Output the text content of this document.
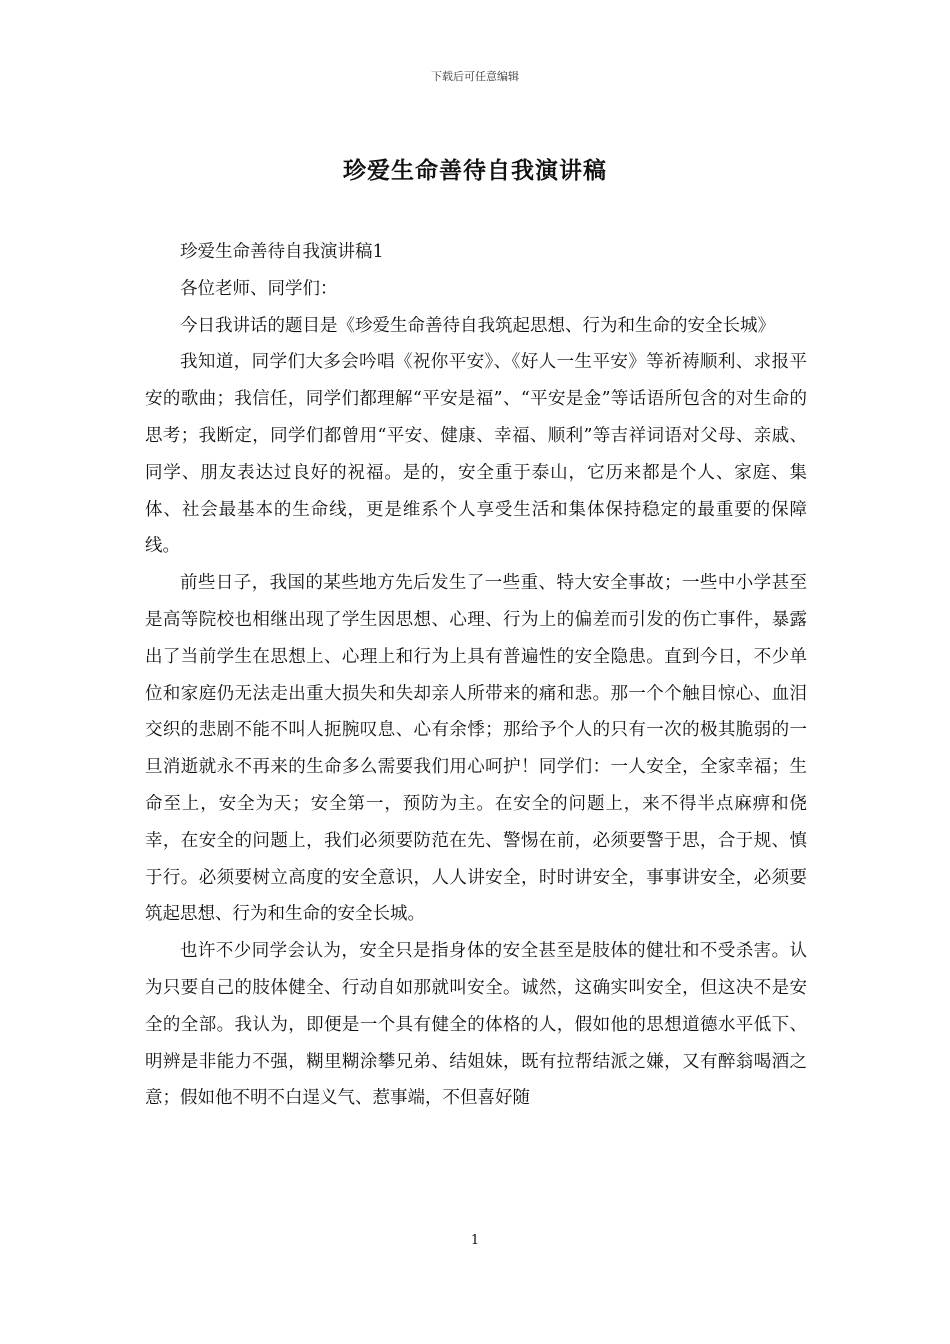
下载后可任意编辑
珍爱生命善待自我演讲稿

珍爱生命善待自我演讲稿1

各位老师、同学们：

今日我讲话的题目是《珍爱生命善待自我筑起思想、行为和生命的安全长城》

我知道，同学们大多会吟唱《祝你平安》、《好人一生平安》等祈祷顺利、求报平安的歌曲；我信任，同学们都理解“平安是福”、“平安是金”等话语所包含的对生命的思考；我断定，同学们都曾用“平安、健康、幸福、顺利”等吉祥词语对父母、亲戚、同学、朋友表达过良好的祝福。是的，安全重于泰山，它历来都是个人、家庭、集体、社会最基本的生命线，更是维系个人享受生活和集体保持稳定的最重要的保障线。

前些日子，我国的某些地方先后发生了一些重、特大安全事故；一些中小学甚至是高等院校也相继出现了学生因思想、心理、行为上的偏差而引发的伤亡事件，暴露出了当前学生在思想上、心理上和行为上具有普遍性的安全隐患。直到今日，不少单位和家庭仍无法走出重大损失和失却亲人所带来的痛和悲。那一个个触目惊心、血泪交织的悲剧不能不叫人扼腕叹息、心有余悸；那给予个人的只有一次的极其脆弱的一旦消逝就永不再来的生命多么需要我们用心呵护！同学们：一人安全，全家幸福；生命至上，安全为天；安全第一，预防为主。在安全的问题上，来不得半点麻痹和侥幸，在安全的问题上，我们必须要防范在先、警惕在前，必须要警于思，合于规、慎于行。必须要树立高度的安全意识，人人讲安全，时时讲安全，事事讲安全，必须要筑起思想、行为和生命的安全长城。

也许不少同学会认为，安全只是指身体的安全甚至是肢体的健壮和不受杀害。认为只要自己的肢体健全、行动自如那就叫安全。诚然，这确实叫安全，但这决不是安全的全部。我认为，即便是一个具有健全的体格的人，假如他的思想道德水平低下、明辨是非能力不强，糊里糊涂攀兄弟、结姐妹，既有拉帮结派之嫌，又有醉翁喝酒之意；假如他不明不白逞义气、惹事端，不但喜好随

1
